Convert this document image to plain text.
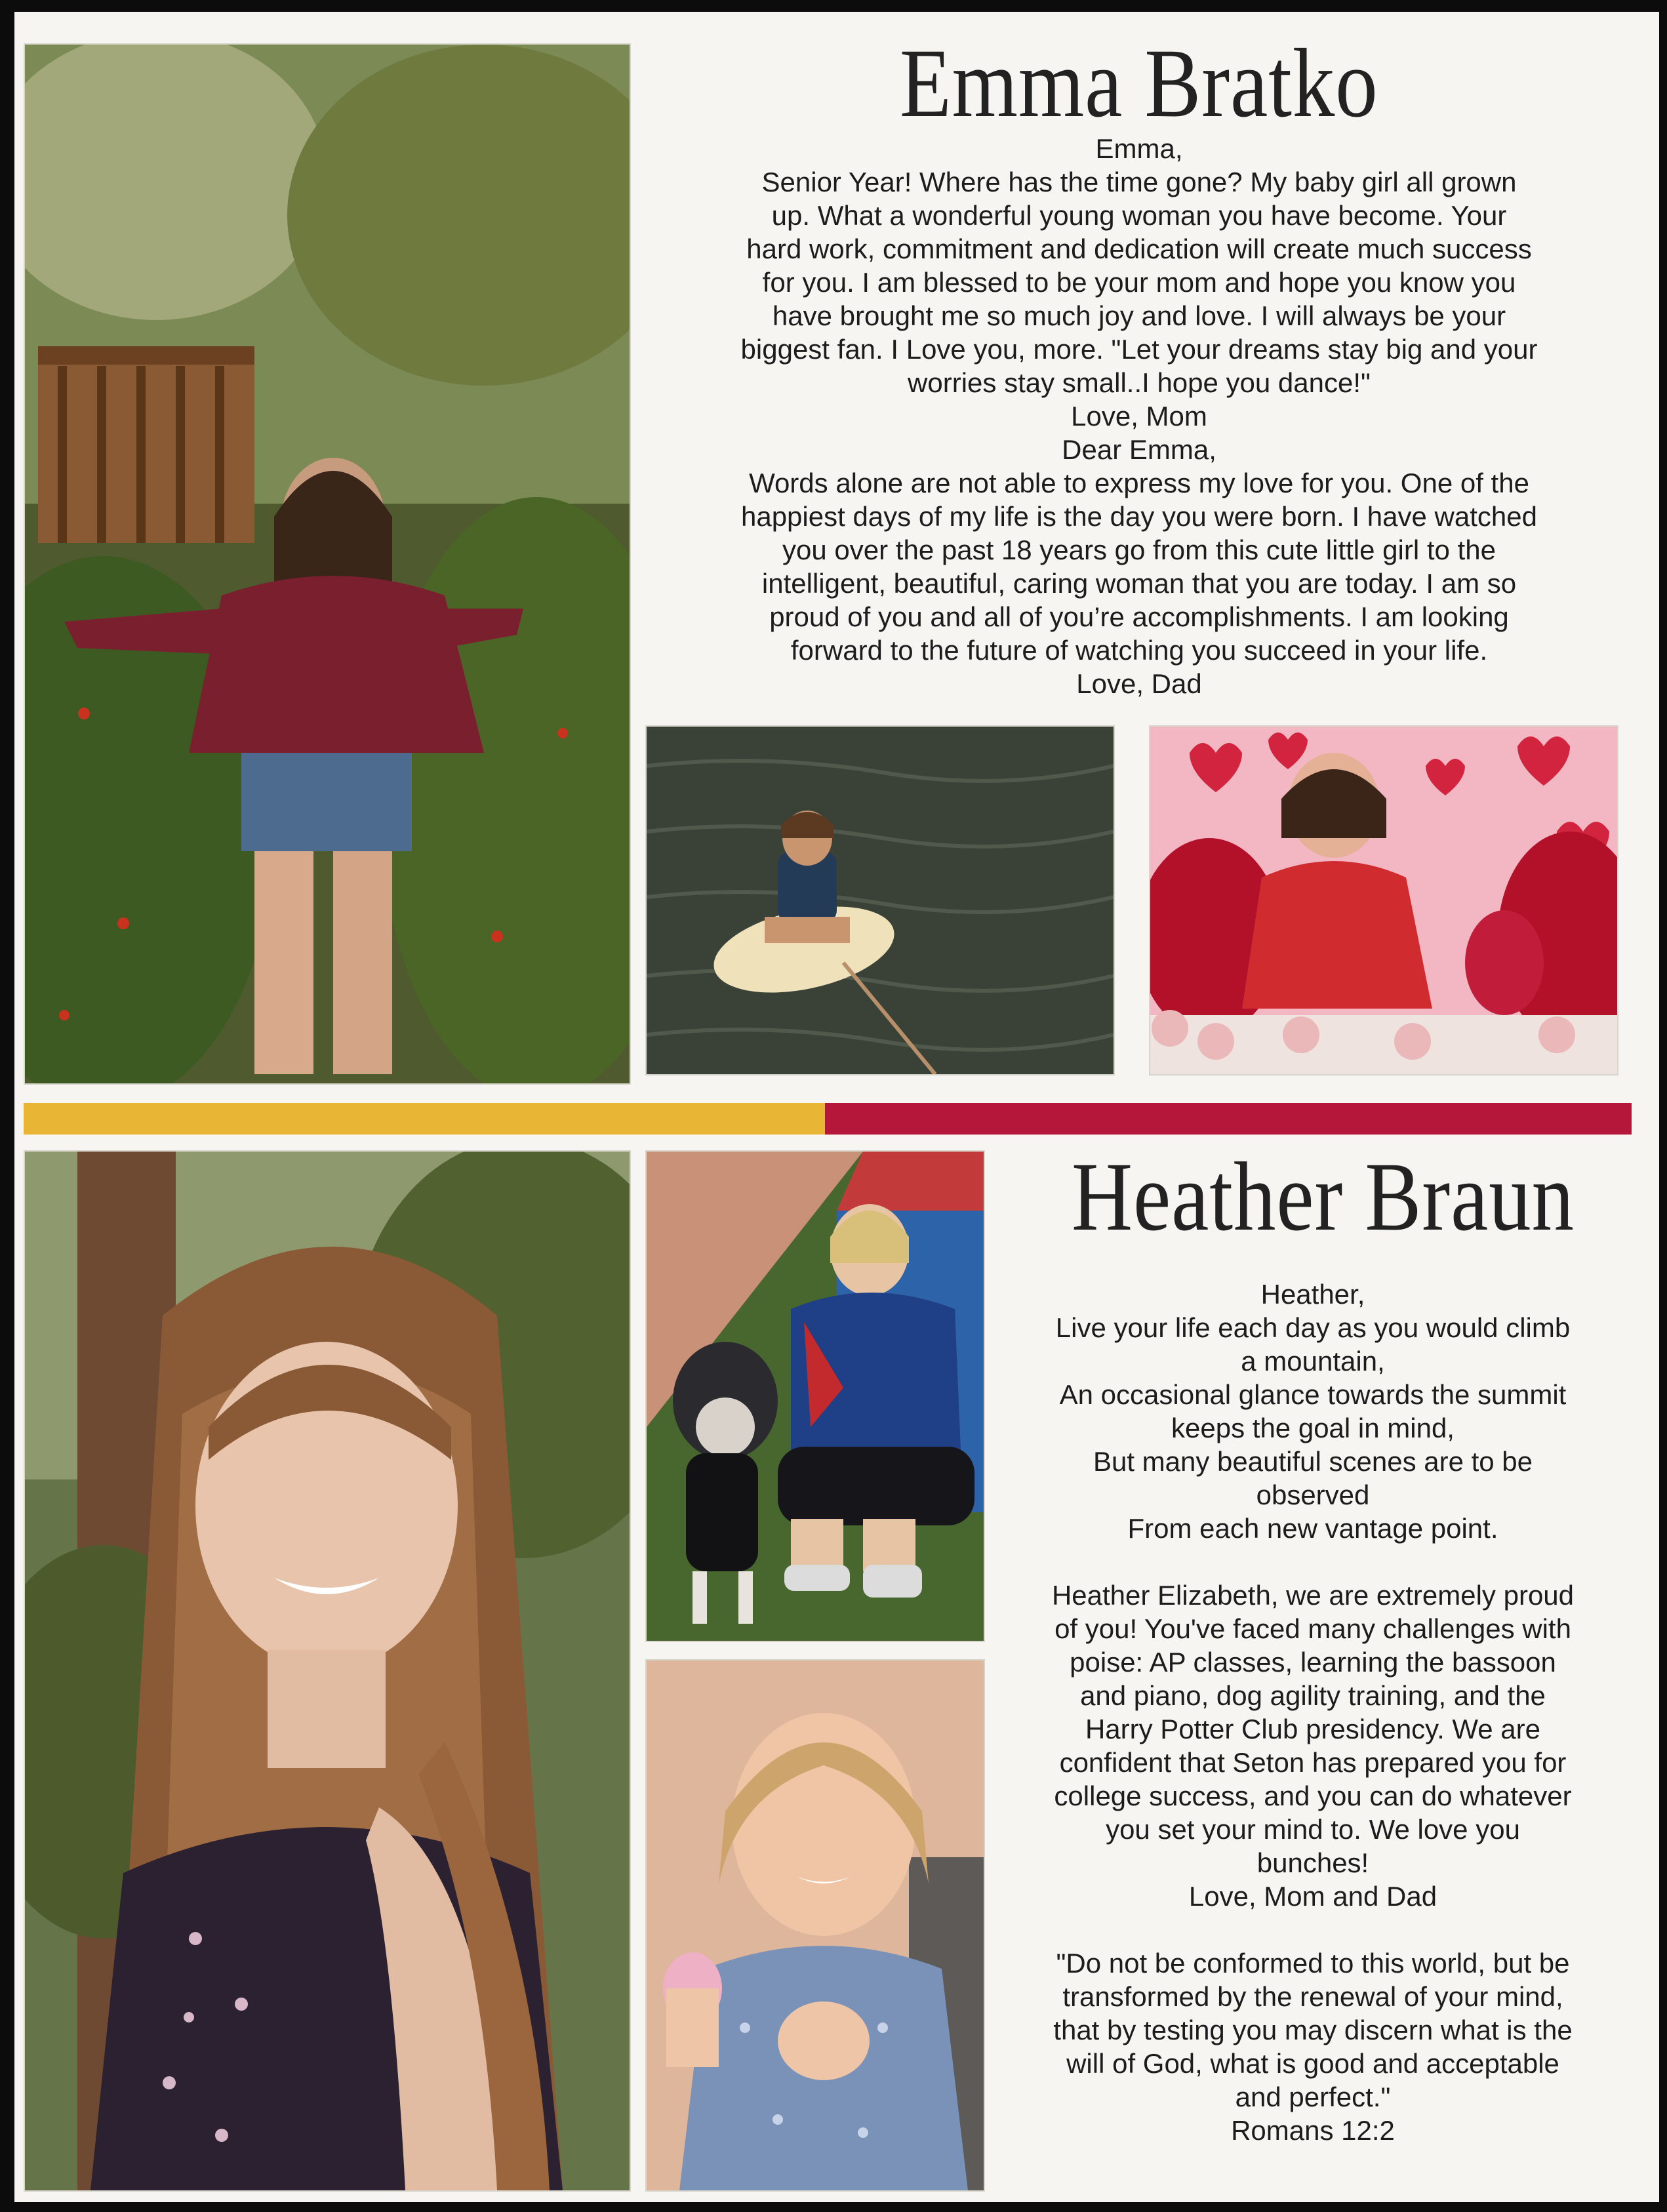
Emma Bratko
Emma,
Senior Year! Where has the time gone? My baby girl all grown
up. What a wonderful young woman you have become. Your
hard work, commitment and dedication will create much success
for you. I am blessed to be your mom and hope you know you
have brought me so much joy and love. I will always be your
biggest fan. I Love you, more. "Let your dreams stay big and your
worries stay small..I hope you dance!"
Love, Mom
Dear Emma,
Words alone are not able to express my love for you. One of the
happiest days of my life is the day you were born. I have watched
you over the past 18 years go from this cute little girl to the
intelligent, beautiful, caring woman that you are today. I am so
proud of you and all of you’re accomplishments. I am looking
forward to the future of watching you succeed in your life.
Love, Dad
Heather Braun
Heather,
Live your life each day as you would climb
a mountain,
An occasional glance towards the summit
keeps the goal in mind,
But many beautiful scenes are to be
observed
From each new vantage point.

Heather Elizabeth, we are extremely proud
of you! You've faced many challenges with
poise: AP classes, learning the bassoon
and piano, dog agility training, and the
Harry Potter Club presidency. We are
confident that Seton has prepared you for
college success, and you can do whatever
you set your mind to. We love you
bunches!
Love, Mom and Dad

"Do not be conformed to this world, but be
transformed by the renewal of your mind,
that by testing you may discern what is the
will of God, what is good and acceptable
and perfect."
Romans 12:2
